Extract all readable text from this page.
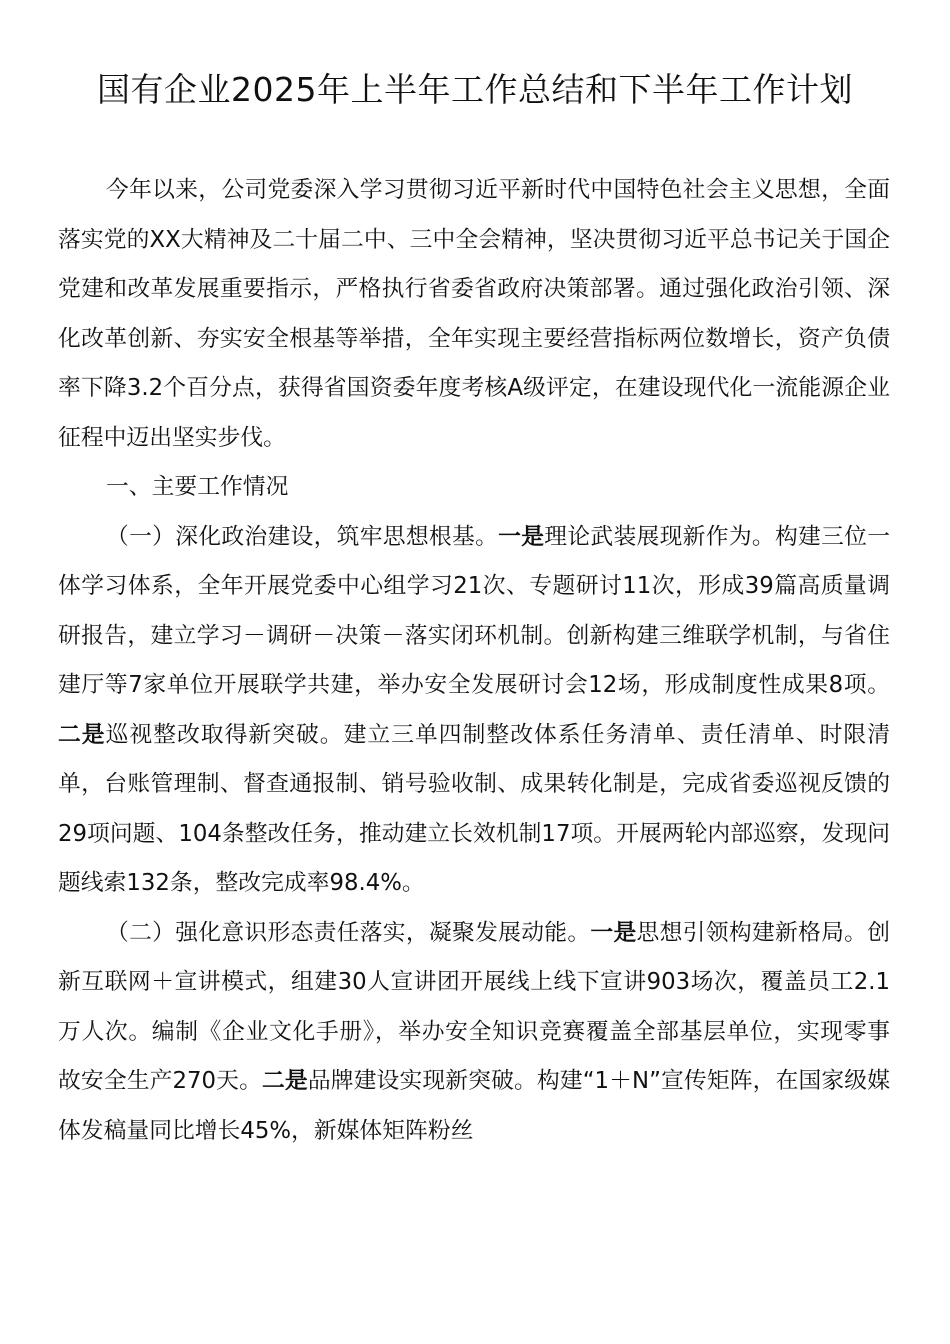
国有企业2025年上半年工作总结和下半年工作计划

今年以来，公司党委深入学习贯彻习近平新时代中国特色社会主义思想，全面落实党的XX大精神及二十届二中、三中全会精神，坚决贯彻习近平总书记关于国企党建和改革发展重要指示，严格执行省委省政府决策部署。通过强化政治引领、深化改革创新、夯实安全根基等举措，全年实现主要经营指标两位数增长，资产负债率下降3.2个百分点，获得省国资委年度考核A级评定，在建设现代化一流能源企业征程中迈出坚实步伐。

一、主要工作情况

（一）深化政治建设，筑牢思想根基。一是理论武装展现新作为。构建三位一体学习体系，全年开展党委中心组学习21次、专题研讨11次，形成39篇高质量调研报告，建立学习－调研－决策－落实闭环机制。创新构建三维联学机制，与省住建厅等7家单位开展联学共建，举办安全发展研讨会12场，形成制度性成果8项。二是巡视整改取得新突破。建立三单四制整改体系任务清单、责任清单、时限清单，台账管理制、督查通报制、销号验收制、成果转化制是，完成省委巡视反馈的29项问题、104条整改任务，推动建立长效机制17项。开展两轮内部巡察，发现问题线索132条，整改完成率98.4%。

（二）强化意识形态责任落实，凝聚发展动能。一是思想引领构建新格局。创新互联网＋宣讲模式，组建30人宣讲团开展线上线下宣讲903场次，覆盖员工2.1万人次。编制《企业文化手册》，举办安全知识竞赛覆盖全部基层单位，实现零事故安全生产270天。二是品牌建设实现新突破。构建“1＋N”宣传矩阵，在国家级媒体发稿量同比增长45%，新媒体矩阵粉丝
